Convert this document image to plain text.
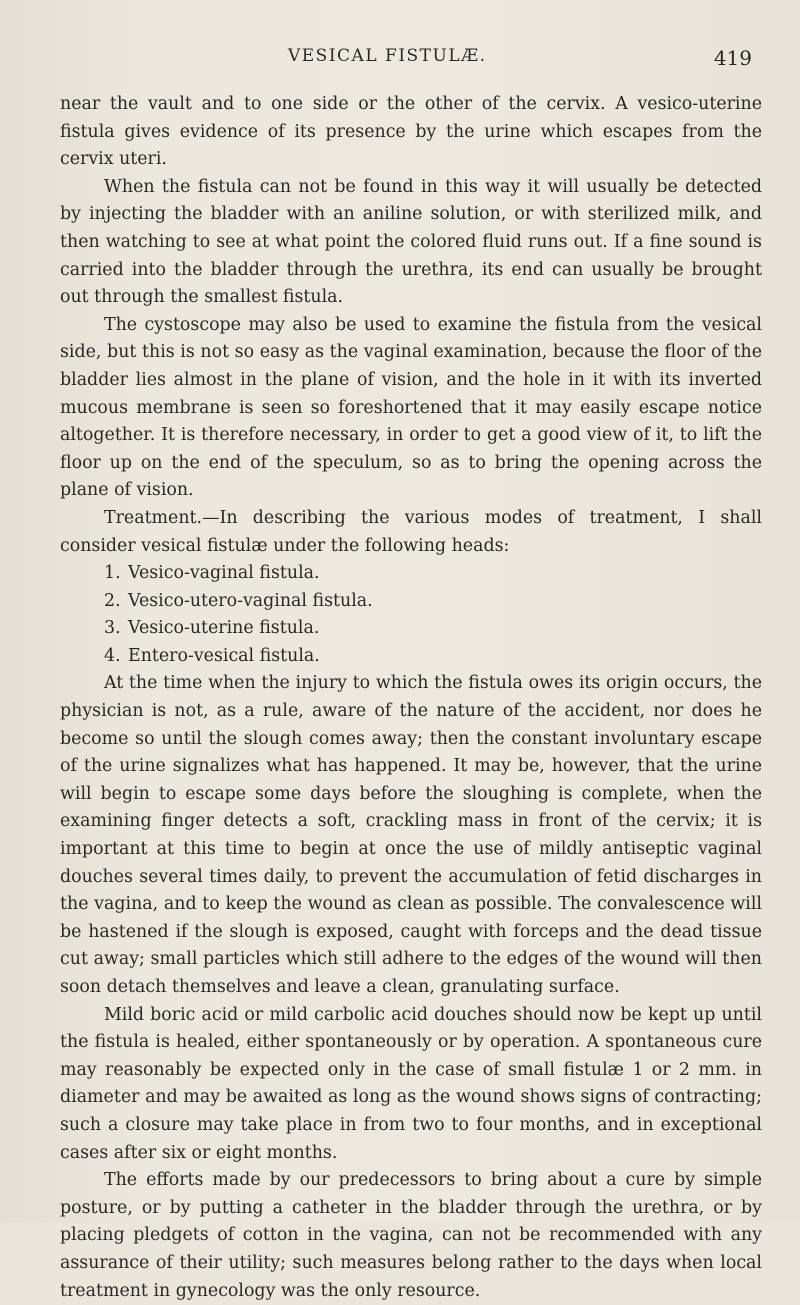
VESICAL FISTULÆ.	419

near the vault and to one side or the other of the cervix. A vesico-uterine fistula gives evidence of its presence by the urine which escapes from the cervix uteri.

When the fistula can not be found in this way it will usually be detected by injecting the bladder with an aniline solution, or with sterilized milk, and then watching to see at what point the colored fluid runs out. If a fine sound is carried into the bladder through the urethra, its end can usually be brought out through the smallest fistula.

The cystoscope may also be used to examine the fistula from the vesical side, but this is not so easy as the vaginal examination, because the floor of the bladder lies almost in the plane of vision, and the hole in it with its inverted mucous membrane is seen so foreshortened that it may easily escape notice altogether. It is therefore necessary, in order to get a good view of it, to lift the floor up on the end of the speculum, so as to bring the opening across the plane of vision.

Treatment.—In describing the various modes of treatment, I shall consider vesical fistulæ under the following heads:

1. Vesico-vaginal fistula.
2. Vesico-utero-vaginal fistula.
3. Vesico-uterine fistula.
4. Entero-vesical fistula.

At the time when the injury to which the fistula owes its origin occurs, the physician is not, as a rule, aware of the nature of the accident, nor does he become so until the slough comes away; then the constant involuntary escape of the urine signalizes what has happened. It may be, however, that the urine will begin to escape some days before the sloughing is complete, when the examining finger detects a soft, crackling mass in front of the cervix; it is important at this time to begin at once the use of mildly antiseptic vaginal douches several times daily, to prevent the accumulation of fetid discharges in the vagina, and to keep the wound as clean as possible. The convalescence will be hastened if the slough is exposed, caught with forceps and the dead tissue cut away; small particles which still adhere to the edges of the wound will then soon detach themselves and leave a clean, granulating surface.

Mild boric acid or mild carbolic acid douches should now be kept up until the fistula is healed, either spontaneously or by operation. A spontaneous cure may reasonably be expected only in the case of small fistulæ 1 or 2 mm. in diameter and may be awaited as long as the wound shows signs of contracting; such a closure may take place in from two to four months, and in exceptional cases after six or eight months.

The efforts made by our predecessors to bring about a cure by simple posture, or by putting a catheter in the bladder through the urethra, or by placing pledgets of cotton in the vagina, can not be recommended with any assurance of their utility; such measures belong rather to the days when local treatment in gynecology was the only resource.
